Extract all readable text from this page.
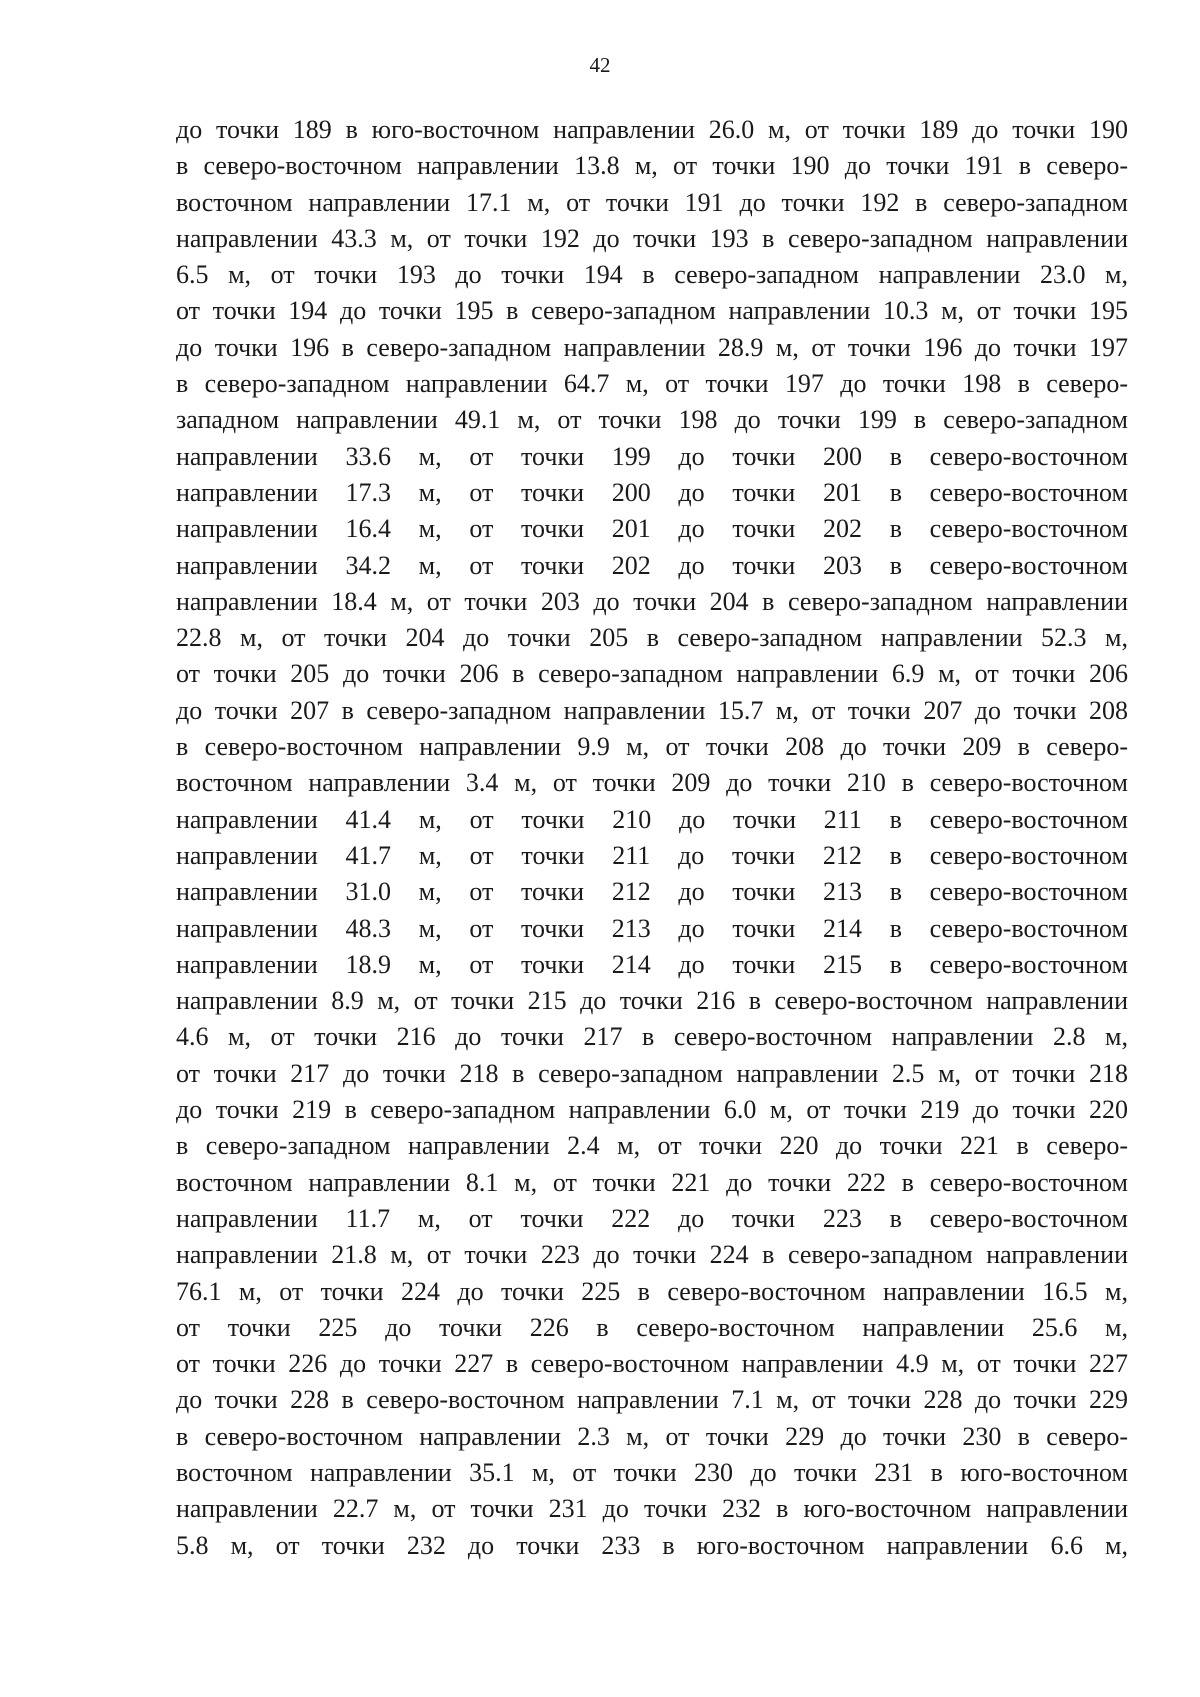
42
до точки 189 в юго-восточном направлении 26.0 м, от точки 189 до точки 190
в северо-восточном направлении 13.8 м, от точки 190 до точки 191 в северо-
восточном направлении 17.1 м, от точки 191 до точки 192 в северо-западном
направлении 43.3 м, от точки 192 до точки 193 в северо-западном направлении
6.5 м, от точки 193 до точки 194 в северо-западном направлении 23.0 м,
от точки 194 до точки 195 в северо-западном направлении 10.3 м, от точки 195
до точки 196 в северо-западном направлении 28.9 м, от точки 196 до точки 197
в северо-западном направлении 64.7 м, от точки 197 до точки 198 в северо-
западном направлении 49.1 м, от точки 198 до точки 199 в северо-западном
направлении 33.6 м, от точки 199 до точки 200 в северо-восточном
направлении 17.3 м, от точки 200 до точки 201 в северо-восточном
направлении 16.4 м, от точки 201 до точки 202 в северо-восточном
направлении 34.2 м, от точки 202 до точки 203 в северо-восточном
направлении 18.4 м, от точки 203 до точки 204 в северо-западном направлении
22.8 м, от точки 204 до точки 205 в северо-западном направлении 52.3 м,
от точки 205 до точки 206 в северо-западном направлении 6.9 м, от точки 206
до точки 207 в северо-западном направлении 15.7 м, от точки 207 до точки 208
в северо-восточном направлении 9.9 м, от точки 208 до точки 209 в северо-
восточном направлении 3.4 м, от точки 209 до точки 210 в северо-восточном
направлении 41.4 м, от точки 210 до точки 211 в северо-восточном
направлении 41.7 м, от точки 211 до точки 212 в северо-восточном
направлении 31.0 м, от точки 212 до точки 213 в северо-восточном
направлении 48.3 м, от точки 213 до точки 214 в северо-восточном
направлении 18.9 м, от точки 214 до точки 215 в северо-восточном
направлении 8.9 м, от точки 215 до точки 216 в северо-восточном направлении
4.6 м, от точки 216 до точки 217 в северо-восточном направлении 2.8 м,
от точки 217 до точки 218 в северо-западном направлении 2.5 м, от точки 218
до точки 219 в северо-западном направлении 6.0 м, от точки 219 до точки 220
в северо-западном направлении 2.4 м, от точки 220 до точки 221 в северо-
восточном направлении 8.1 м, от точки 221 до точки 222 в северо-восточном
направлении 11.7 м, от точки 222 до точки 223 в северо-восточном
направлении 21.8 м, от точки 223 до точки 224 в северо-западном направлении
76.1 м, от точки 224 до точки 225 в северо-восточном направлении 16.5 м,
от точки 225 до точки 226 в северо-восточном направлении 25.6 м,
от точки 226 до точки 227 в северо-восточном направлении 4.9 м, от точки 227
до точки 228 в северо-восточном направлении 7.1 м, от точки 228 до точки 229
в северо-восточном направлении 2.3 м, от точки 229 до точки 230 в северо-
восточном направлении 35.1 м, от точки 230 до точки 231 в юго-восточном
направлении 22.7 м, от точки 231 до точки 232 в юго-восточном направлении
5.8 м, от точки 232 до точки 233 в юго-восточном направлении 6.6 м,
